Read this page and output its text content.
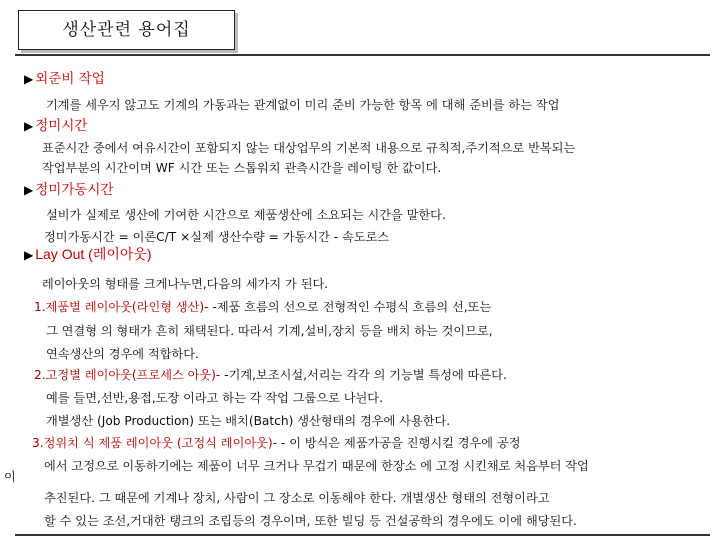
생산관련 용어집
▶ 외준비 작업
기계를 세우지 않고도 기계의 가동과는 관계없이 미리 준비 가능한 항목 에 대해 준비를 하는 작업
▶ 정미시간
표준시간 중에서 여유시간이 포함되지 않는 대상업무의 기본적 내용으로 규칙적,주기적으로 반복되는
작업부분의 시간이며 WF 시간 또는 스톱워치 관측시간을 레이팅 한 값이다.
▶ 정미가동시간
설비가 실제로 생산에 기여한 시간으로 제품생산에 소요되는 시간을 말한다.
정미가동시간 = 이론C/T ×실제 생산수량 = 가동시간 - 속도로스
▶ Lay Out (레이아웃)
레이아웃의 형태를 크게나누면,다음의 세가지 가 된다.
1.제품별 레이아웃(라인형 생산)- -제품 흐름의 선으로 전형적인 수평식 흐름의 선,또는
그 연결형 의 형태가 흔히 채택된다. 따라서 기계,설비,장치 등을 배치 하는 것이므로,
연속생산의 경우에 적합하다.
2.고정별 레이아웃(프로세스 아웃)- -기계,보조시설,서리는 각각 의 기능별 특성에 따른다.
예를 들면,선반,용접,도장 이라고 하는 각 작업 그룹으로 나뉜다.
개별생산 (Job Production) 또는 배치(Batch) 생산형태의 경우에 사용한다.
3.정위치 식 제품 레이아웃 (고정식 레이아웃)- - 이 방식은 제품가공을 진행시킬 경우에 공정
에서 고정으로 이동하기에는 제품이 너무 크거나 무겁기 때문에 한장소 에 고정 시킨채로 처음부터 작업
이
추진된다. 그 때문에 기계나 장치, 사람이 그 장소로 이동해야 한다. 개별생산 형태의 전형이라고
할 수 있는 조선,거대한 탱크의 조립등의 경우이며, 또한 빌딩 등 건설공학의 경우에도 이에 해당된다.
